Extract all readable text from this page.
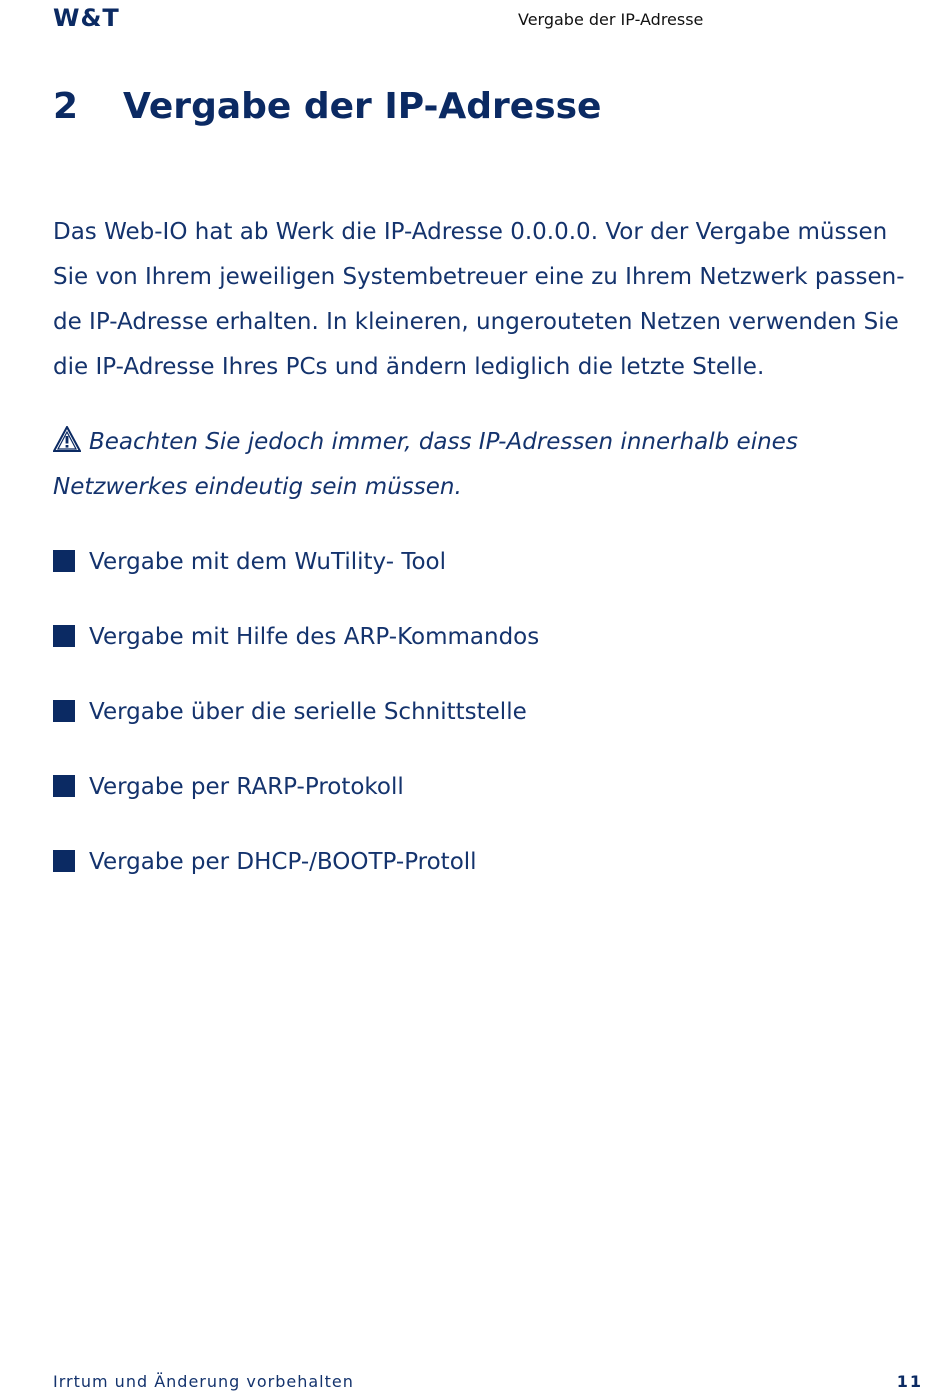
W&T	Vergabe der IP-Adresse
2 Vergabe der IP-Adresse
Das Web-IO hat ab Werk die IP-Adresse 0.0.0.0. Vor der Vergabe müssen
Sie von Ihrem jeweiligen Systembetreuer eine zu Ihrem Netzwerk passen-
de IP-Adresse erhalten. In kleineren, ungerouteten Netzen verwenden Sie
die IP-Adresse Ihres PCs und ändern lediglich die letzte Stelle.
Beachten Sie jedoch immer, dass IP-Adressen innerhalb eines
Netzwerkes eindeutig sein müssen.
Vergabe mit dem WuTility- Tool
Vergabe mit Hilfe des ARP-Kommandos
Vergabe über die serielle Schnittstelle
Vergabe per RARP-Protokoll
Vergabe per DHCP-/BOOTP-Protoll
Irrtum und Änderung vorbehalten	11
